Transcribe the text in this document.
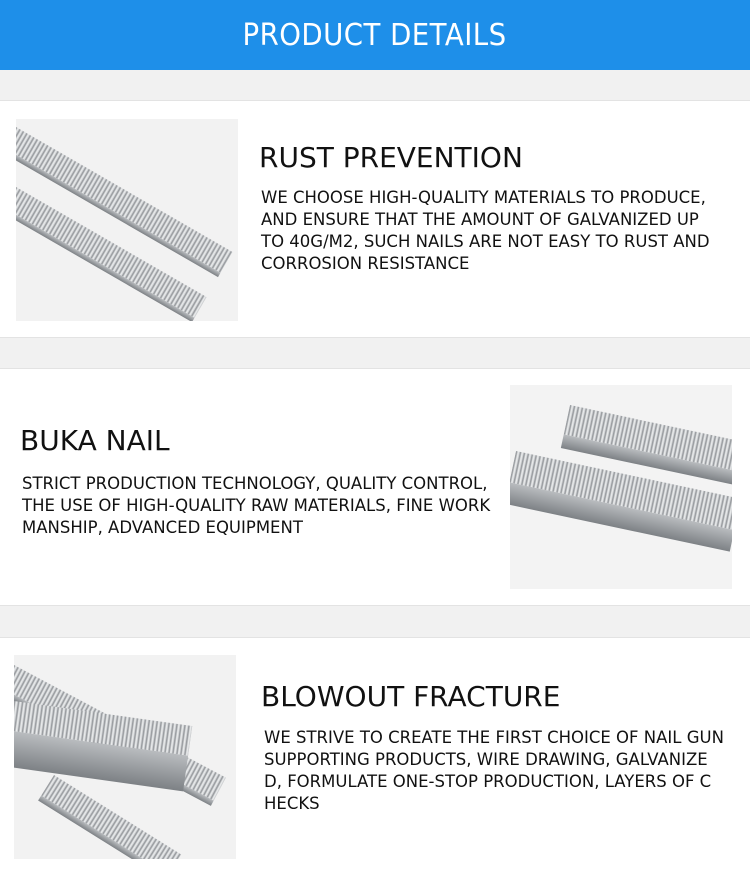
PRODUCT DETAILS
RUST PREVENTION
WE CHOOSE HIGH-QUALITY MATERIALS TO PRODUCE,
AND ENSURE THAT THE AMOUNT OF GALVANIZED UP
TO 40G/M2, SUCH NAILS ARE NOT EASY TO RUST AND
CORROSION RESISTANCE
BUKA NAIL
STRICT PRODUCTION TECHNOLOGY, QUALITY CONTROL,
THE USE OF HIGH-QUALITY RAW MATERIALS, FINE WORK
MANSHIP, ADVANCED EQUIPMENT
BLOWOUT FRACTURE
WE STRIVE TO CREATE THE FIRST CHOICE OF NAIL GUN
SUPPORTING PRODUCTS, WIRE DRAWING, GALVANIZE
D, FORMULATE ONE-STOP PRODUCTION, LAYERS OF C
HECKS
